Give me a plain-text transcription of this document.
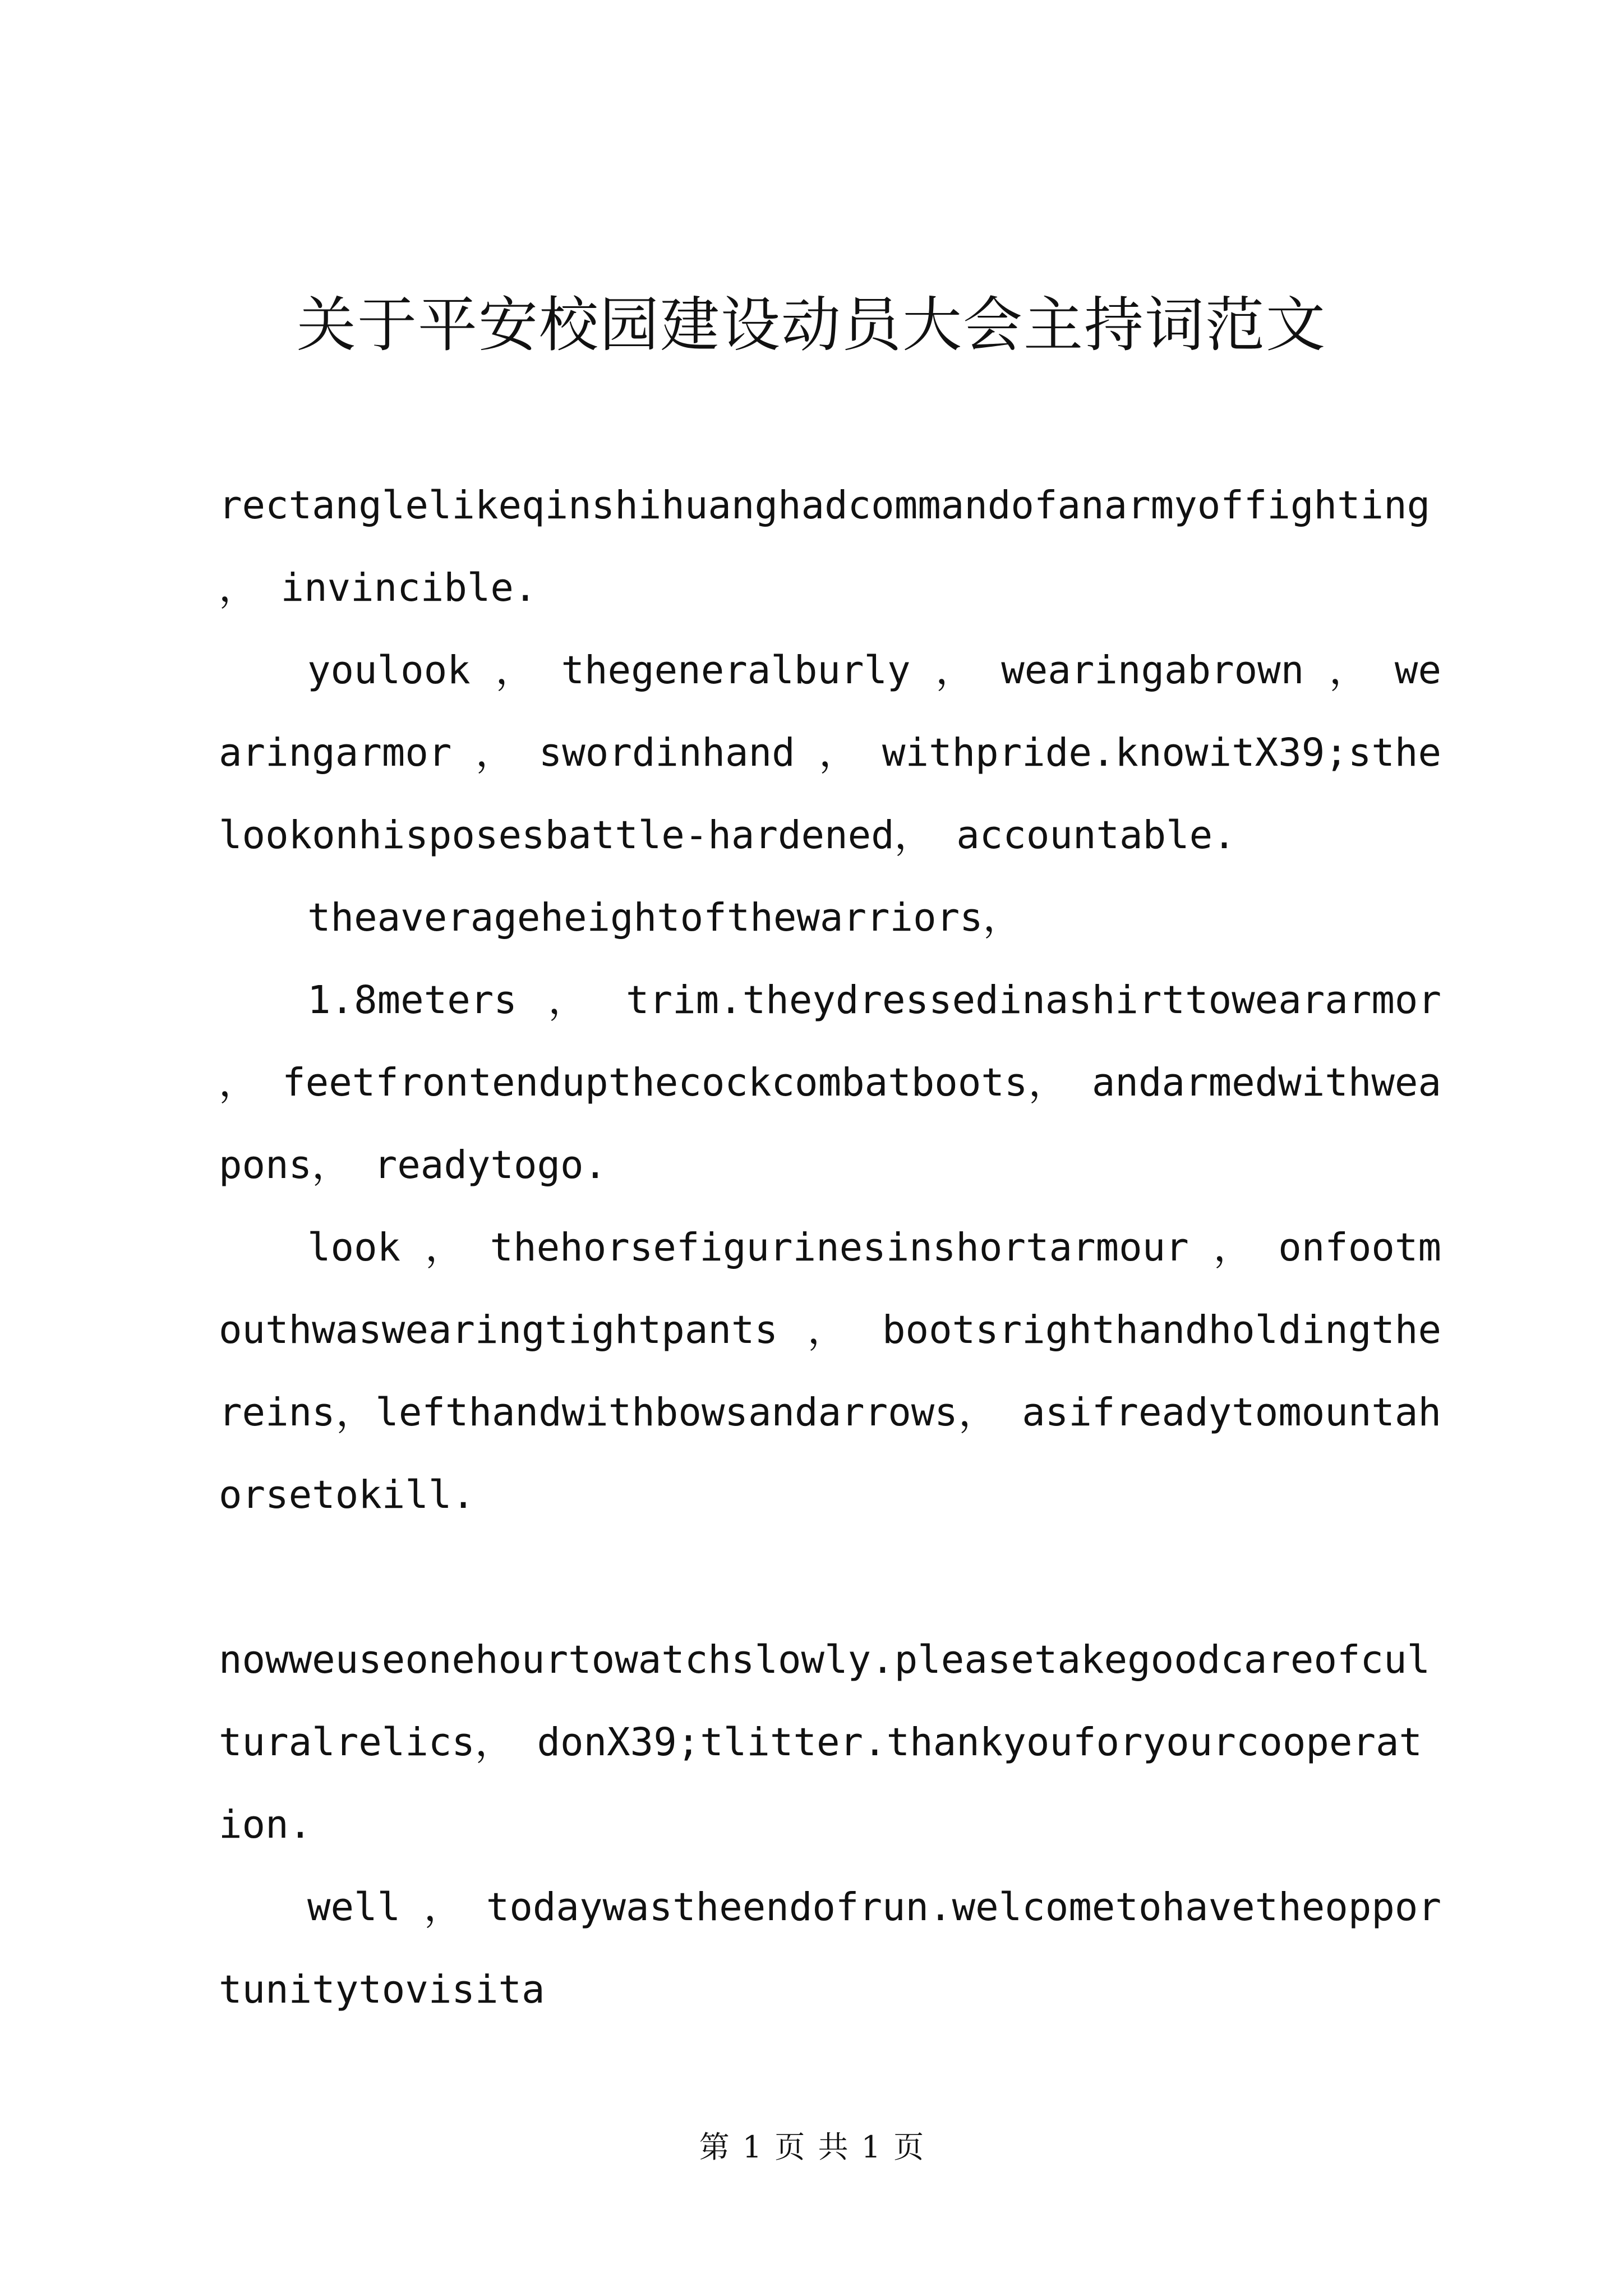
关于平安校园建设动员大会主持词范文

rectanglelikeqinshihuanghadcommandofanarmyoffighting ， invincible.

youlook ， thegeneralburly ， wearingabrown ， wearingarmor ， swordinhand ， withpride.knowitX39;sthelookonhisposesbattle-hardened， accountable.

theaverageheightofthewarriors，

1.8meters ， trim.theydressedinashirttoweararmor ， feetfrontendupthecockcombatboots， andarmedwithweapons， readytogo.

look ， thehorsefigurinesinshortarmour ， onfootmouthwaswearingtightpants ， bootsrighthandholdingthereins，lefthandwithbowsandarrows， asifreadytomountahorsetokill.

nowweuseonehourtowatchslowly.pleasetakegoodcareofculturalrelics， donX39;tlitter.thankyouforyourcooperation.

well ， todaywastheendofrun.welcometohavetheopportunitytovisita

第 1 页 共 1 页
